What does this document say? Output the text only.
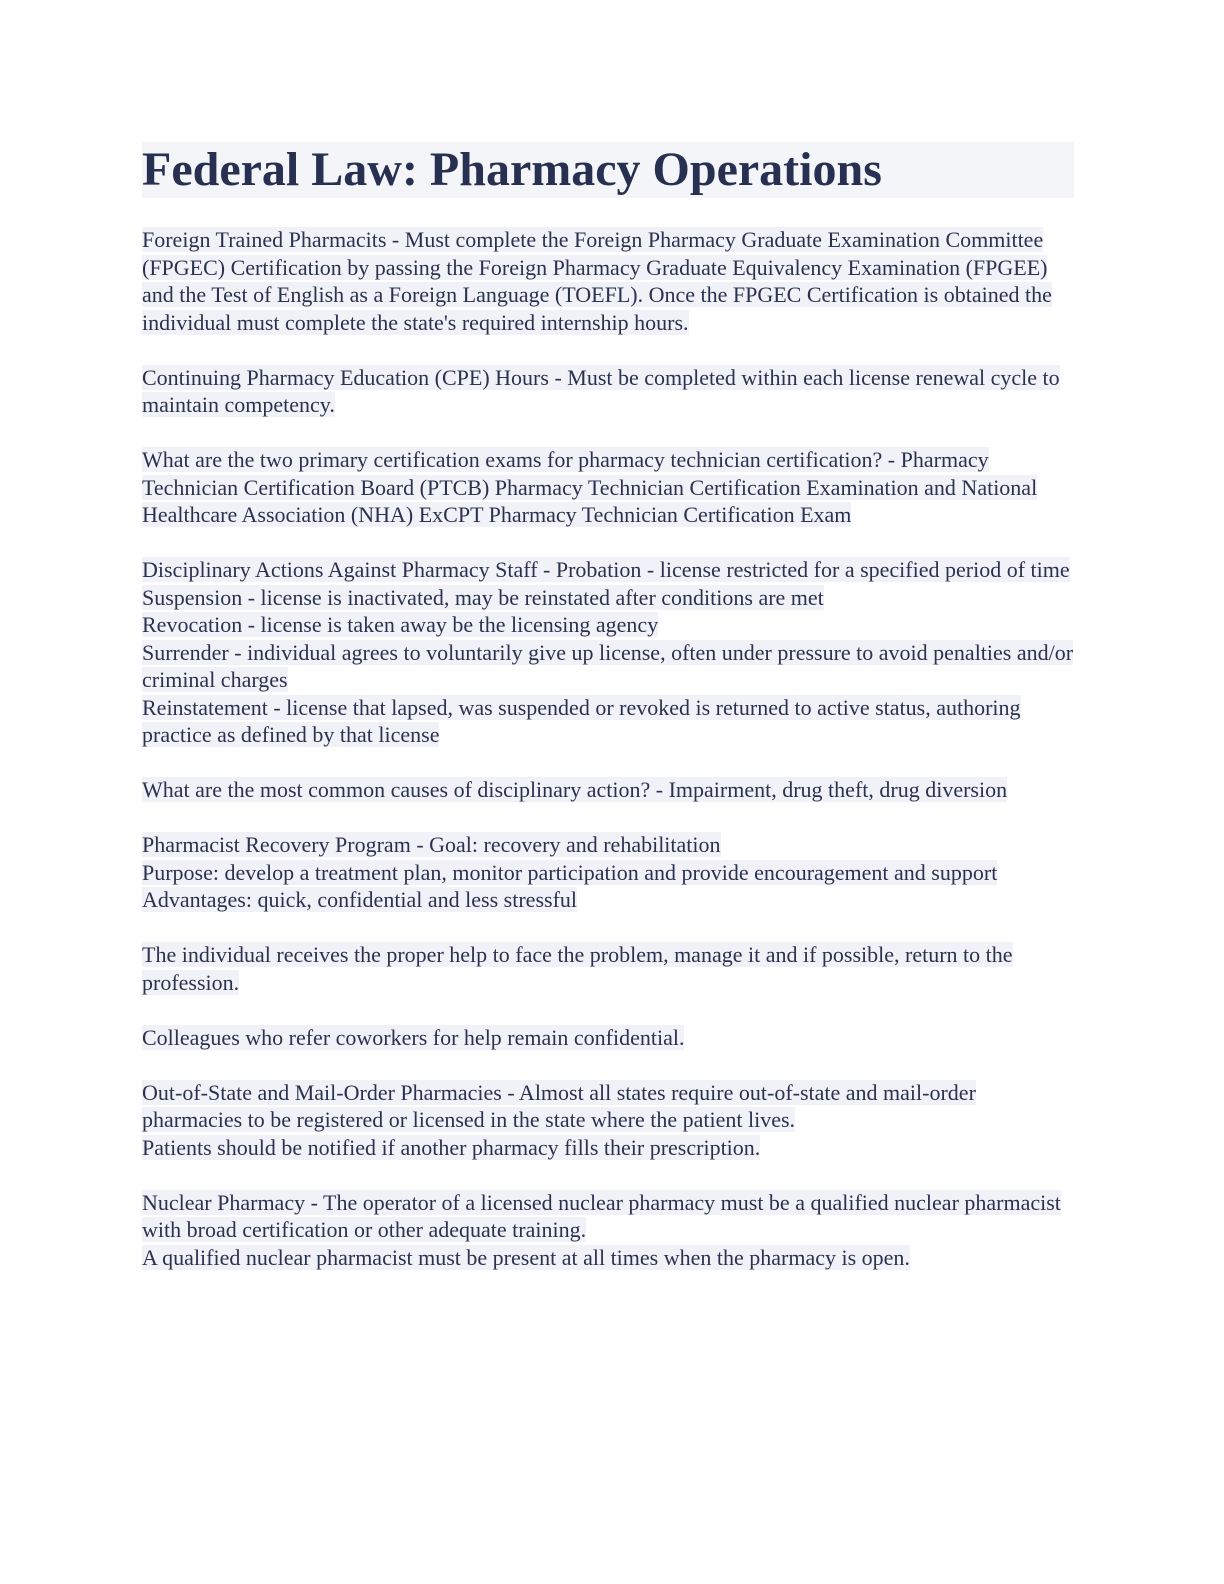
Federal Law: Pharmacy Operations
Foreign Trained Pharmacits - Must complete the Foreign Pharmacy Graduate Examination Committee (FPGEC) Certification by passing the Foreign Pharmacy Graduate Equivalency Examination (FPGEE) and the Test of English as a Foreign Language (TOEFL). Once the FPGEC Certification is obtained the individual must complete the state's required internship hours.
Continuing Pharmacy Education (CPE) Hours - Must be completed within each license renewal cycle to maintain competency.
What are the two primary certification exams for pharmacy technician certification? - Pharmacy Technician Certification Board (PTCB) Pharmacy Technician Certification Examination and National Healthcare Association (NHA) ExCPT Pharmacy Technician Certification Exam
Disciplinary Actions Against Pharmacy Staff - Probation - license restricted for a specified period of time
Suspension - license is inactivated, may be reinstated after conditions are met
Revocation - license is taken away be the licensing agency
Surrender - individual agrees to voluntarily give up license, often under pressure to avoid penalties and/or criminal charges
Reinstatement - license that lapsed, was suspended or revoked is returned to active status, authoring practice as defined by that license
What are the most common causes of disciplinary action? - Impairment, drug theft, drug diversion
Pharmacist Recovery Program - Goal: recovery and rehabilitation
Purpose: develop a treatment plan, monitor participation and provide encouragement and support
Advantages: quick, confidential and less stressful
The individual receives the proper help to face the problem, manage it and if possible, return to the profession.
Colleagues who refer coworkers for help remain confidential.
Out-of-State and Mail-Order Pharmacies - Almost all states require out-of-state and mail-order pharmacies to be registered or licensed in the state where the patient lives.
Patients should be notified if another pharmacy fills their prescription.
Nuclear Pharmacy - The operator of a licensed nuclear pharmacy must be a qualified nuclear pharmacist with broad certification or other adequate training.
A qualified nuclear pharmacist must be present at all times when the pharmacy is open.
